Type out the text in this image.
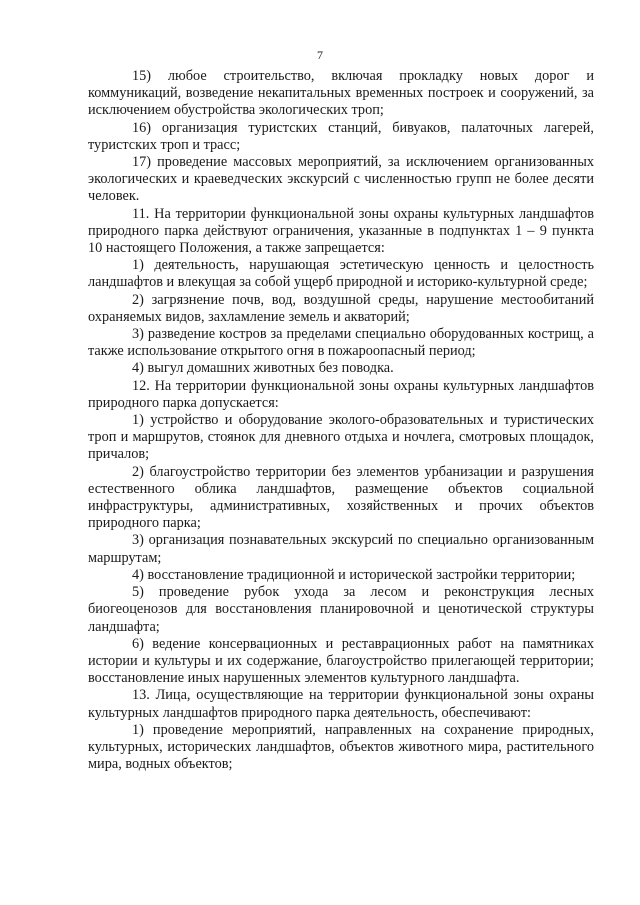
7

15) любое строительство, включая прокладку новых дорог и коммуникаций, возведение некапитальных временных построек и сооружений, за исключением обустройства экологических троп;

16) организация туристских станций, бивуаков, палаточных лагерей, туристских троп и трасс;

17) проведение массовых мероприятий, за исключением организованных экологических и краеведческих экскурсий с численностью групп не более десяти человек.

11. На территории функциональной зоны охраны культурных ландшафтов природного парка действуют ограничения, указанные в подпунктах 1 – 9 пункта 10 настоящего Положения, а также запрещается:

1) деятельность, нарушающая эстетическую ценность и целостность ландшафтов и влекущая за собой ущерб природной и историко-культурной среде;

2) загрязнение почв, вод, воздушной среды, нарушение местообитаний охраняемых видов, захламление земель и акваторий;

3) разведение костров за пределами специально оборудованных кострищ, а также использование открытого огня в пожароопасный период;

4) выгул домашних животных без поводка.

12. На территории функциональной зоны охраны культурных ландшафтов природного парка допускается:

1) устройство и оборудование эколого-образовательных и туристических троп и маршрутов, стоянок для дневного отдыха и ночлега, смотровых площадок, причалов;

2) благоустройство территории без элементов урбанизации и разрушения естественного облика ландшафтов, размещение объектов социальной инфраструктуры, административных, хозяйственных и прочих объектов природного парка;

3) организация познавательных экскурсий по специально организованным маршрутам;

4) восстановление традиционной и исторической застройки территории;

5) проведение рубок ухода за лесом и реконструкция лесных биогеоценозов для восстановления планировочной и ценотической структуры ландшафта;

6) ведение консервационных и реставрационных работ на памятниках истории и культуры и их содержание, благоустройство прилегающей территории; восстановление иных нарушенных элементов культурного ландшафта.

13. Лица, осуществляющие на территории функциональной зоны охраны культурных ландшафтов природного парка деятельность, обеспечивают:

1) проведение мероприятий, направленных на сохранение природных, культурных, исторических ландшафтов, объектов животного мира, растительного мира, водных объектов;
